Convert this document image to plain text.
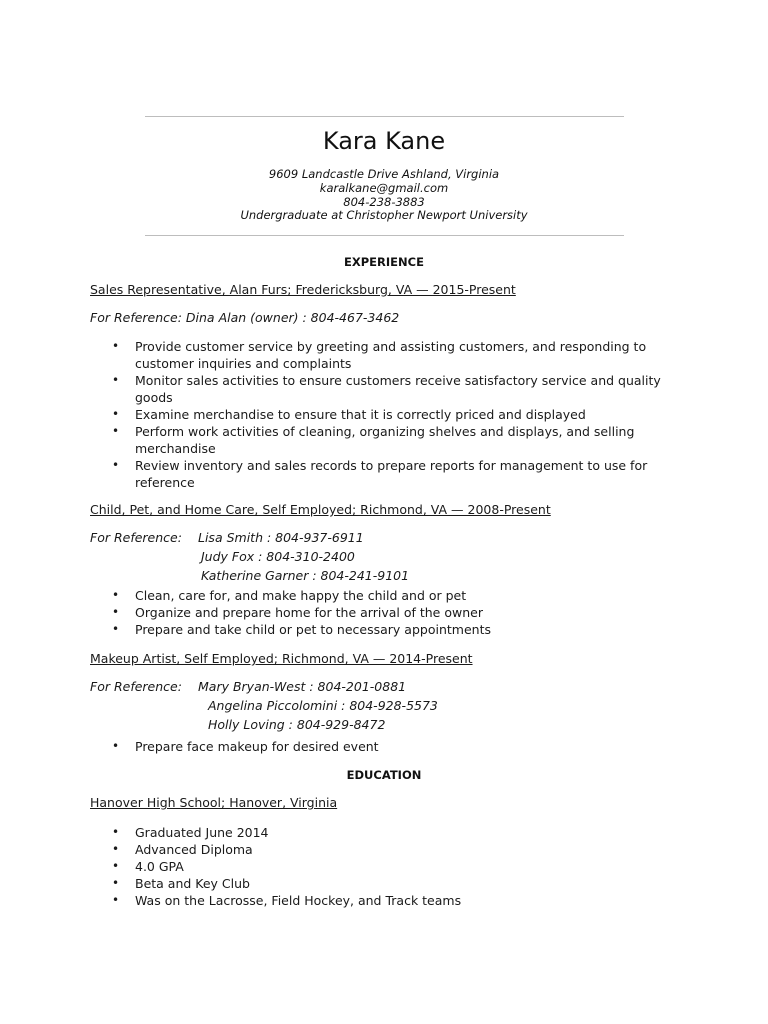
Kara Kane
9609 Landcastle Drive Ashland, Virginia
karalkane@gmail.com
804-238-3883
Undergraduate at Christopher Newport University
EXPERIENCE
Sales Representative, Alan Furs; Fredericksburg, VA — 2015-Present
For Reference: Dina Alan (owner) : 804-467-3462
• Provide customer service by greeting and assisting customers, and responding to customer inquiries and complaints
• Monitor sales activities to ensure customers receive satisfactory service and quality goods
• Examine merchandise to ensure that it is correctly priced and displayed
• Perform work activities of cleaning, organizing shelves and displays, and selling merchandise
• Review inventory and sales records to prepare reports for management to use for reference
Child, Pet, and Home Care, Self Employed; Richmond, VA — 2008-Present
For Reference: Lisa Smith : 804-937-6911
Judy Fox : 804-310-2400
Katherine Garner : 804-241-9101
• Clean, care for, and make happy the child and or pet
• Organize and prepare home for the arrival of the owner
• Prepare and take child or pet to necessary appointments
Makeup Artist, Self Employed; Richmond, VA — 2014-Present
For Reference: Mary Bryan-West : 804-201-0881
Angelina Piccolomini : 804-928-5573
Holly Loving : 804-929-8472
• Prepare face makeup for desired event
EDUCATION
Hanover High School; Hanover, Virginia
• Graduated June 2014
• Advanced Diploma
• 4.0 GPA
• Beta and Key Club
• Was on the Lacrosse, Field Hockey, and Track teams
